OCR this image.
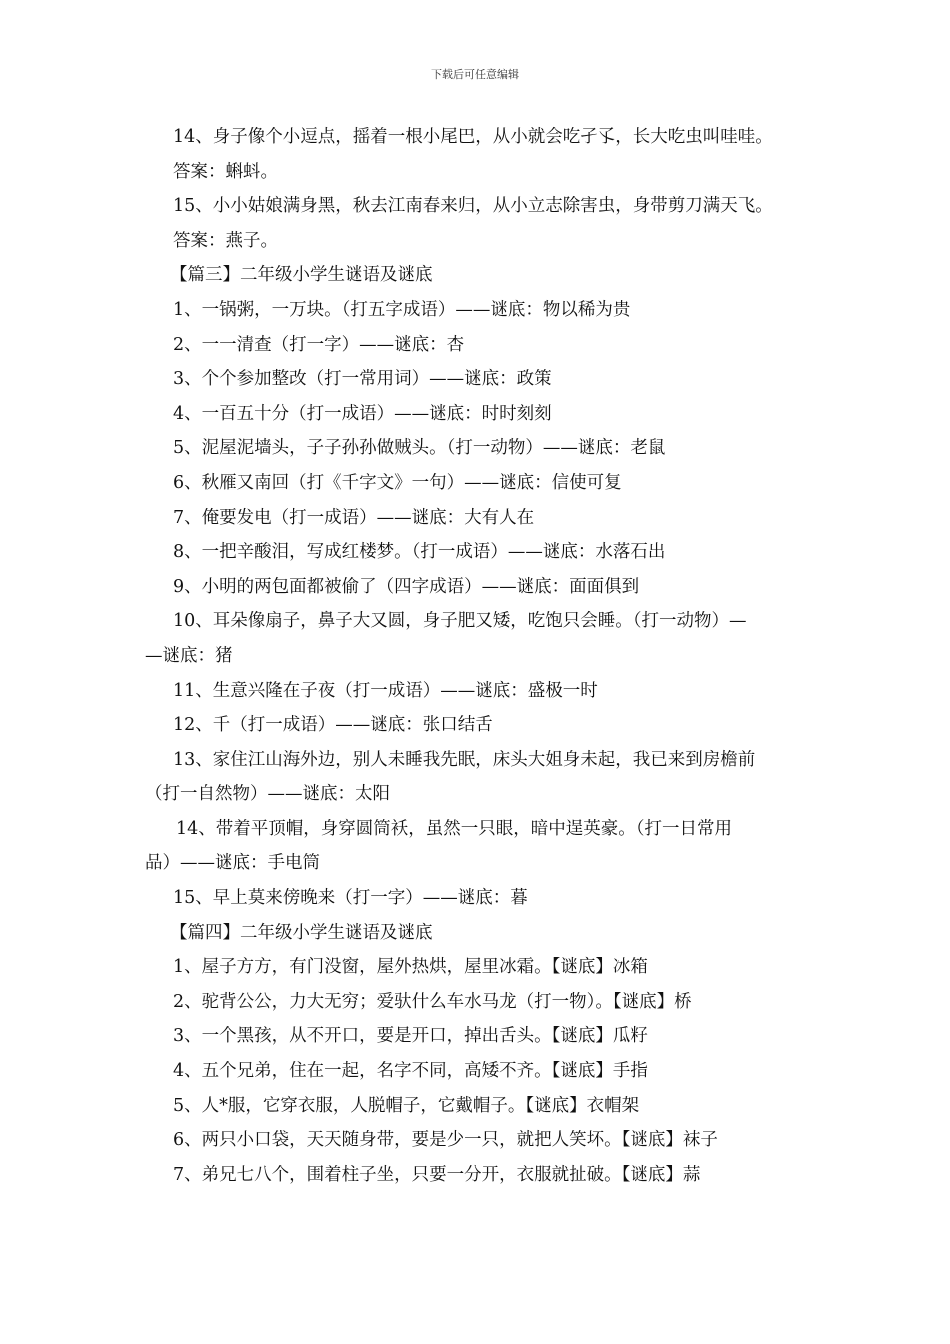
下载后可任意编辑
14、身子像个小逗点，摇着一根小尾巴，从小就会吃孑孓，长大吃虫叫哇哇。
答案：蝌蚪。
15、小小姑娘满身黑，秋去江南春来归，从小立志除害虫，身带剪刀满天飞。
答案：燕子。
【篇三】二年级小学生谜语及谜底
1、一锅粥，一万块。（打五字成语）——谜底：物以稀为贵
2、一一清查（打一字）——谜底：杏
3、个个参加整改（打一常用词）——谜底：政策
4、一百五十分（打一成语）——谜底：时时刻刻
5、泥屋泥墙头，子子孙孙做贼头。（打一动物）——谜底：老鼠
6、秋雁又南回（打《千字文》一句）——谜底：信使可复
7、俺要发电（打一成语）——谜底：大有人在
8、一把辛酸泪，写成红楼梦。（打一成语）——谜底：水落石出
9、小明的两包面都被偷了（四字成语）——谜底：面面俱到
10、耳朵像扇子，鼻子大又圆，身子肥又矮，吃饱只会睡。（打一动物）—
—谜底：猪
11、生意兴隆在子夜（打一成语）——谜底：盛极一时
12、千（打一成语）——谜底：张口结舌
13、家住江山海外边，别人未睡我先眠，床头大姐身未起，我已来到房檐前
（打一自然物）——谜底：太阳
14、带着平顶帽，身穿圆筒袄，虽然一只眼，暗中逞英豪。（打一日常用
品）——谜底：手电筒
15、早上莫来傍晚来（打一字）——谜底：暮
【篇四】二年级小学生谜语及谜底
1、屋子方方，有门没窗，屋外热烘，屋里冰霜。【谜底】冰箱
2、驼背公公，力大无穷；爱驮什么车水马龙（打一物）。【谜底】桥
3、一个黑孩，从不开口，要是开口，掉出舌头。【谜底】瓜籽
4、五个兄弟，住在一起，名字不同，高矮不齐。【谜底】手指
5、人*服，它穿衣服，人脱帽子，它戴帽子。【谜底】衣帽架
6、两只小口袋，天天随身带，要是少一只，就把人笑坏。【谜底】袜子
7、弟兄七八个，围着柱子坐，只要一分开，衣服就扯破。【谜底】蒜
